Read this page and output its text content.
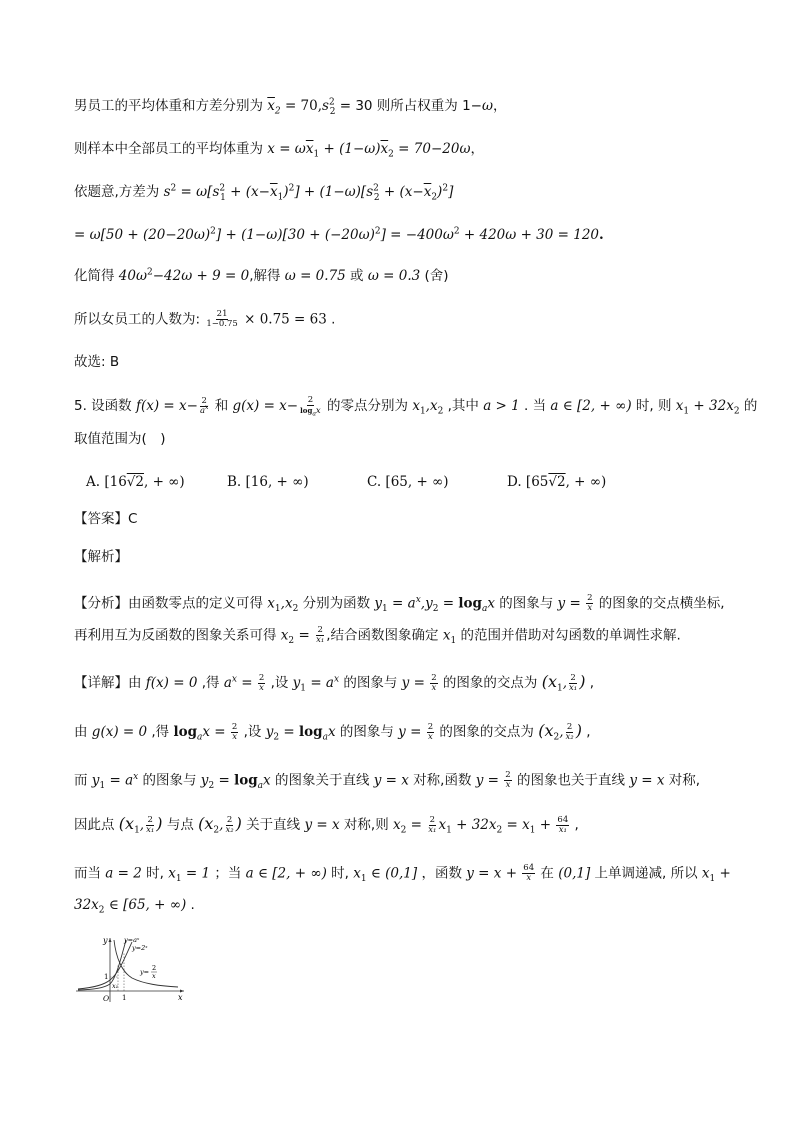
男员工的平均体重和方差分别为 $\overline{x}_2 = 70,s^2_2 = 30$ 则所占权重为 1−ω，
则样本中全部员工的平均体重为 $x = \omega\overline{x}_1 + (1-\omega)\overline{x}_2 = 70-20\omega$，
依题意,方差为 $s^2 = \omega[s^2_1 + (x-\overline{x}_1)^2] + (1-\omega)[s^2_2 + (x-\overline{x}_2)^2]$
= $\omega[50 + (20-20\omega)^2] + (1-\omega)[30 + (-20\omega)^2] = -400\omega^2 + 420\omega + 30 = 120$.
化简得 $40\omega^2-42\omega + 9 = 0$,解得 ω = 0.75 或 ω = 0.3 (舍)
所以女员工的人数为: $\frac{21}{1-0.75} \times 0.75 = 63$ .
故选: B
5. 设函数 $f(x) = x- \frac{2}{a^x}$ 和 $g(x) = x- \frac{2}{\log_ax}$ 的零点分别为 $x_1,x_2$ ,其中 a > 1 . 当 a ∈ [2, + ∞) 时, 则 $x_1 + 32x_2$ 的
取值范围为(　)
A. [16√2, + ∞)	B. [16, + ∞)	C. [65, + ∞)	D. [65√2, + ∞)
【答案】C
【解析】
【分析】由函数零点的定义可得 $x_1,x_2$ 分别为函数 $y_1 = a^x,y_2 = \log_ax$ 的图象与 $y = \frac{2}{x}$ 的图象的交点横坐标,
再利用互为反函数的图象关系可得 $x_2 = \frac{2}{\text{x₁}}$ ,结合函数图象确定 $x_1$ 的范围并借助对勾函数的单调性求解.
【详解】由 f(x) = 0 ,得 $a^x = \frac{2}{x}$ ,设 $y_1 = a^x$ 的图象与 $y = \frac{2}{x}$ 的图象的交点为 ($x_1$, $\frac{2}{\text{x₁}}$ ) ,
由 g(x) = 0 ,得 $\log_ax = \frac{2}{x}$ ,设 $y_2 = \log_ax$ 的图象与 $y = \frac{2}{x}$ 的图象的交点为 ($x_2$, $\frac{2}{\text{x₂}}$ ) ,
而 $y_1 = a^x$ 的图象与 $y_2 = \log_ax$ 的图象关于直线 y = x 对称,函数 $y = \frac{2}{x}$ 的图象也关于直线 y = x 对称,
因此点 ($x_1$, $\frac{2}{\text{x₁}}$ ) 与点 ($x_2$, $\frac{2}{\text{x₂}}$ ) 关于直线 y = x 对称,则 $x_2 = \frac{2}{\text{x₁}} x_1 + 32x_2 = x_1 + \frac{64}{\text{x₁}}$ ,
而当 a = 2 时, $x_1 = 1$ ；当 a ∈ [2, + ∞) 时, $x_1$ ∈ (0,1] ，函数 $y = x + \frac{64}{x}$ 在 (0,1] 上单调递减, 所以 $x_1$ +
$32x_2$ ∈ [65, + ∞) .
y
x
O 1
1
x₁
y=aˣ
y=2ˣ
2
y= x
